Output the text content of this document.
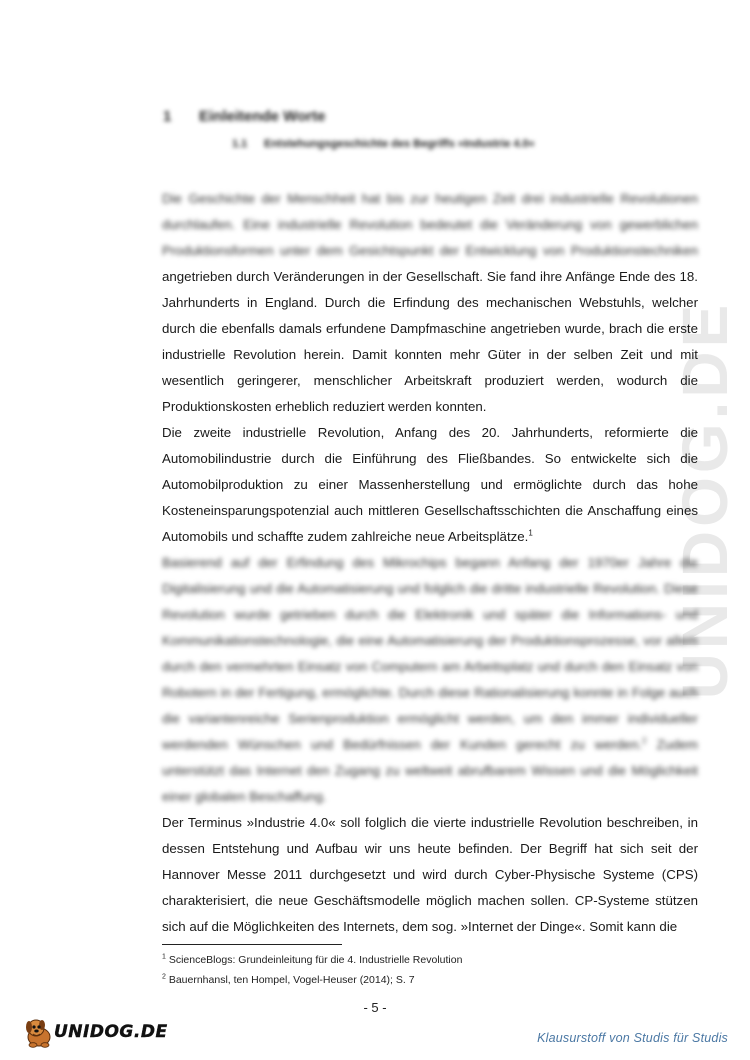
UNIDOG.DE
1 Einleitende Worte
1.1 Entstehungsgeschichte des Begriffs »Industrie 4.0«

Die Geschichte der Menschheit hat bis zur heutigen Zeit drei industrielle Revolutionen durchlaufen. Eine industrielle Revolution bedeutet die Veränderung von gewerblichen Produktionsformen unter dem Gesichtspunkt der Entwicklung von Produktionstechniken angetrieben durch Veränderungen in der Gesellschaft. Sie fand ihre Anfänge Ende des 18. Jahrhunderts in England. Durch die Erfindung des mechanischen Webstuhls, welcher durch die ebenfalls damals erfundene Dampfmaschine angetrieben wurde, brach die erste industrielle Revolution herein. Damit konnten mehr Güter in der selben Zeit und mit wesentlich geringerer, menschlicher Arbeitskraft produziert werden, wodurch die Produktionskosten erheblich reduziert werden konnten.

Die zweite industrielle Revolution, Anfang des 20. Jahrhunderts, reformierte die Automobilindustrie durch die Einführung des Fließbandes. So entwickelte sich die Automobilproduktion zu einer Massenherstellung und ermöglichte durch das hohe Kosteneinsparungspotenzial auch mittleren Gesellschaftsschichten die Anschaffung eines Automobils und schaffte zudem zahlreiche neue Arbeitsplätze.$^1$

Basierend auf der Erfindung des Mikrochips begann Anfang der 1970er Jahre die Digitalisierung und die Automatisierung und folglich die dritte industrielle Revolution. Diese Revolution wurde getrieben durch die Elektronik und später die Informations- und Kommunikationstechnologie, die eine Automatisierung der Produktionsprozesse, vor allem durch den vermehrten Einsatz von Computern am Arbeitsplatz und durch den Einsatz von Robotern in der Fertigung, ermöglichte. Durch diese Rationalisierung konnte in Folge auch die variantenreiche Serienproduktion ermöglicht werden, um den immer individueller werdenden Wünschen und Bedürfnissen der Kunden gerecht zu werden.$^2$ Zudem unterstützt das Internet den Zugang zu weltweit abrufbarem Wissen und die Möglichkeit einer globalen Beschaffung.

Der Terminus »Industrie 4.0« soll folglich die vierte industrielle Revolution beschreiben, in dessen Entstehung und Aufbau wir uns heute befinden. Der Begriff hat sich seit der Hannover Messe 2011 durchgesetzt und wird durch Cyber-Physische Systeme (CPS) charakterisiert, die neue Geschäftsmodelle möglich machen sollen. CP-Systeme stützen sich auf die Möglichkeiten des Internets, dem sog. »Internet der Dinge«. Somit kann die

$^1$ ScienceBlogs: Grundeinleitung für die 4. Industrielle Revolution
$^2$ Bauernhansl, ten Hompel, Vogel-Heuser (2014); S. 7
- 5 -
UNIDOG.DE	Klausurstoff von Studis für Studis
